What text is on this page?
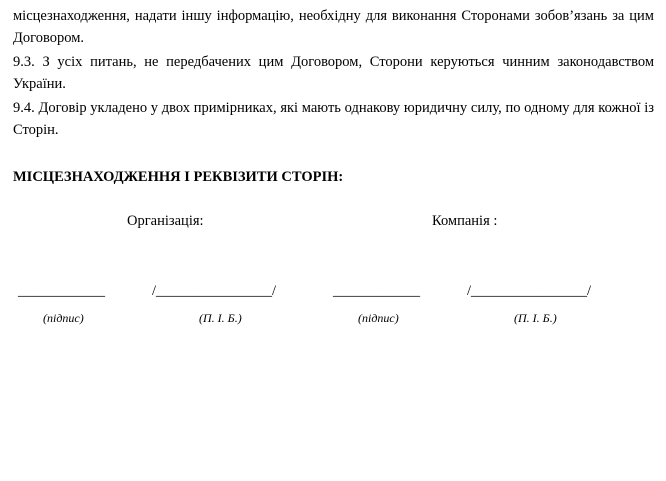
місцезнаходження, надати іншу інформацію, необхідну для виконання Сторонами зобов’язань за цим Договором.

9.3. З усіх питань, не передбачених цим Договором, Сторони керуються чинним законодавством України.

9.4. Договір укладено у двох примірниках, які мають однакову юридичну силу, по одному для кожної із Сторін.

МІСЦЕЗНАХОДЖЕННЯ І РЕКВІЗИТИ СТОРІН:
Організація:	Компанія :
____________	/________________/	____________	/________________/
(підпис)	(П. І. Б.)	(підпис)	(П. І. Б.)
